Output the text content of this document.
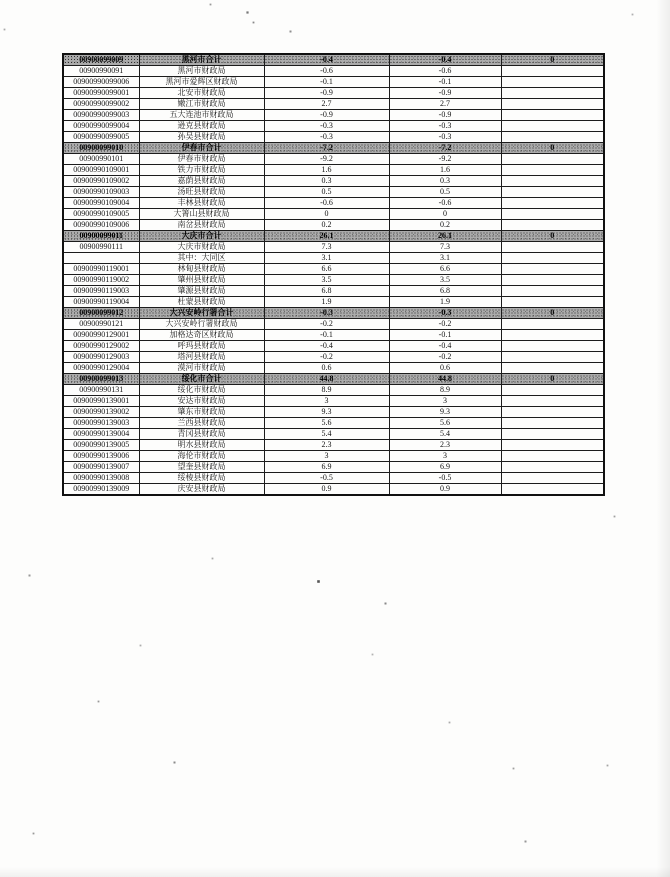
00900099009	黑河市合计	-0.4	-0.4	0
00900990091	黑河市财政局	-0.6	-0.6	
00900990099006	黑河市爱辉区财政局	-0.1	-0.1	
00900990099001	北安市财政局	-0.9	-0.9	
00900990099002	嫩江市财政局	2.7	2.7	
00900990099003	五大连池市财政局	-0.9	-0.9	
00900990099004	逊克县财政局	-0.3	-0.3	
00900990099005	孙吴县财政局	-0.3	-0.3	
00900099010	伊春市合计	-7.2	-7.2	0
00900990101	伊春市财政局	-9.2	-9.2	
00900990109001	铁力市财政局	1.6	1.6	
00900990109002	嘉荫县财政局	0.3	0.3	
00900990109003	汤旺县财政局	0.5	0.5	
00900990109004	丰林县财政局	-0.6	-0.6	
00900990109005	大箐山县财政局	0	0	
00900990109006	南岔县财政局	0.2	0.2	
00900099011	大庆市合计	26.1	26.1	0
00900990111	大庆市财政局	7.3	7.3	
	其中：大同区	3.1	3.1	
00900990119001	林甸县财政局	6.6	6.6	
00900990119002	肇州县财政局	3.5	3.5	
00900990119003	肇源县财政局	6.8	6.8	
00900990119004	杜蒙县财政局	1.9	1.9	
00900099012	大兴安岭行署合计	-0.3	-0.3	0
00900990121	大兴安岭行署财政局	-0.2	-0.2	
00900990129001	加格达奇区财政局	-0.1	-0.1	
00900990129002	呼玛县财政局	-0.4	-0.4	
00900990129003	塔河县财政局	-0.2	-0.2	
00900990129004	漠河市财政局	0.6	0.6	
00900099013	绥化市合计	44.8	44.8	0
00900990131	绥化市财政局	8.9	8.9	
00900990139001	安达市财政局	3	3	
00900990139002	肇东市财政局	9.3	9.3	
00900990139003	兰西县财政局	5.6	5.6	
00900990139004	青冈县财政局	5.4	5.4	
00900990139005	明水县财政局	2.3	2.3	
00900990139006	海伦市财政局	3	3	
00900990139007	望奎县财政局	6.9	6.9	
00900990139008	绥棱县财政局	-0.5	-0.5	
00900990139009	庆安县财政局	0.9	0.9	
